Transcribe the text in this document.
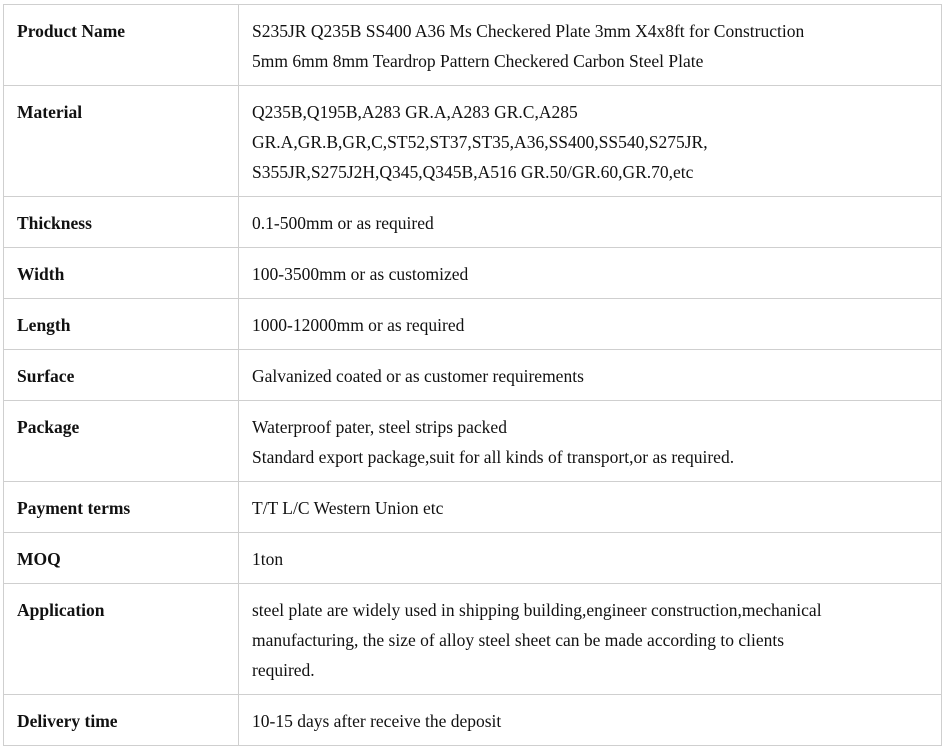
Product Name	S235JR Q235B SS400 A36 Ms Checkered Plate 3mm X4x8ft for Construction
5mm 6mm 8mm Teardrop Pattern Checkered Carbon Steel Plate

Material	Q235B,Q195B,A283 GR.A,A283 GR.C,A285
GR.A,GR.B,GR,C,ST52,ST37,ST35,A36,SS400,SS540,S275JR,
S355JR,S275J2H,Q345,Q345B,A516 GR.50/GR.60,GR.70,etc

Thickness	0.1-500mm or as required

Width	100-3500mm or as customized

Length	1000-12000mm or as required

Surface	Galvanized coated or as customer requirements

Package	Waterproof pater, steel strips packed
Standard export package,suit for all kinds of transport,or as required.

Payment terms	T/T L/C Western Union etc

MOQ	1ton

Application	steel plate are widely used in shipping building,engineer construction,mechanical
manufacturing, the size of alloy steel sheet can be made according to clients
required.

Delivery time	10-15 days after receive the deposit
